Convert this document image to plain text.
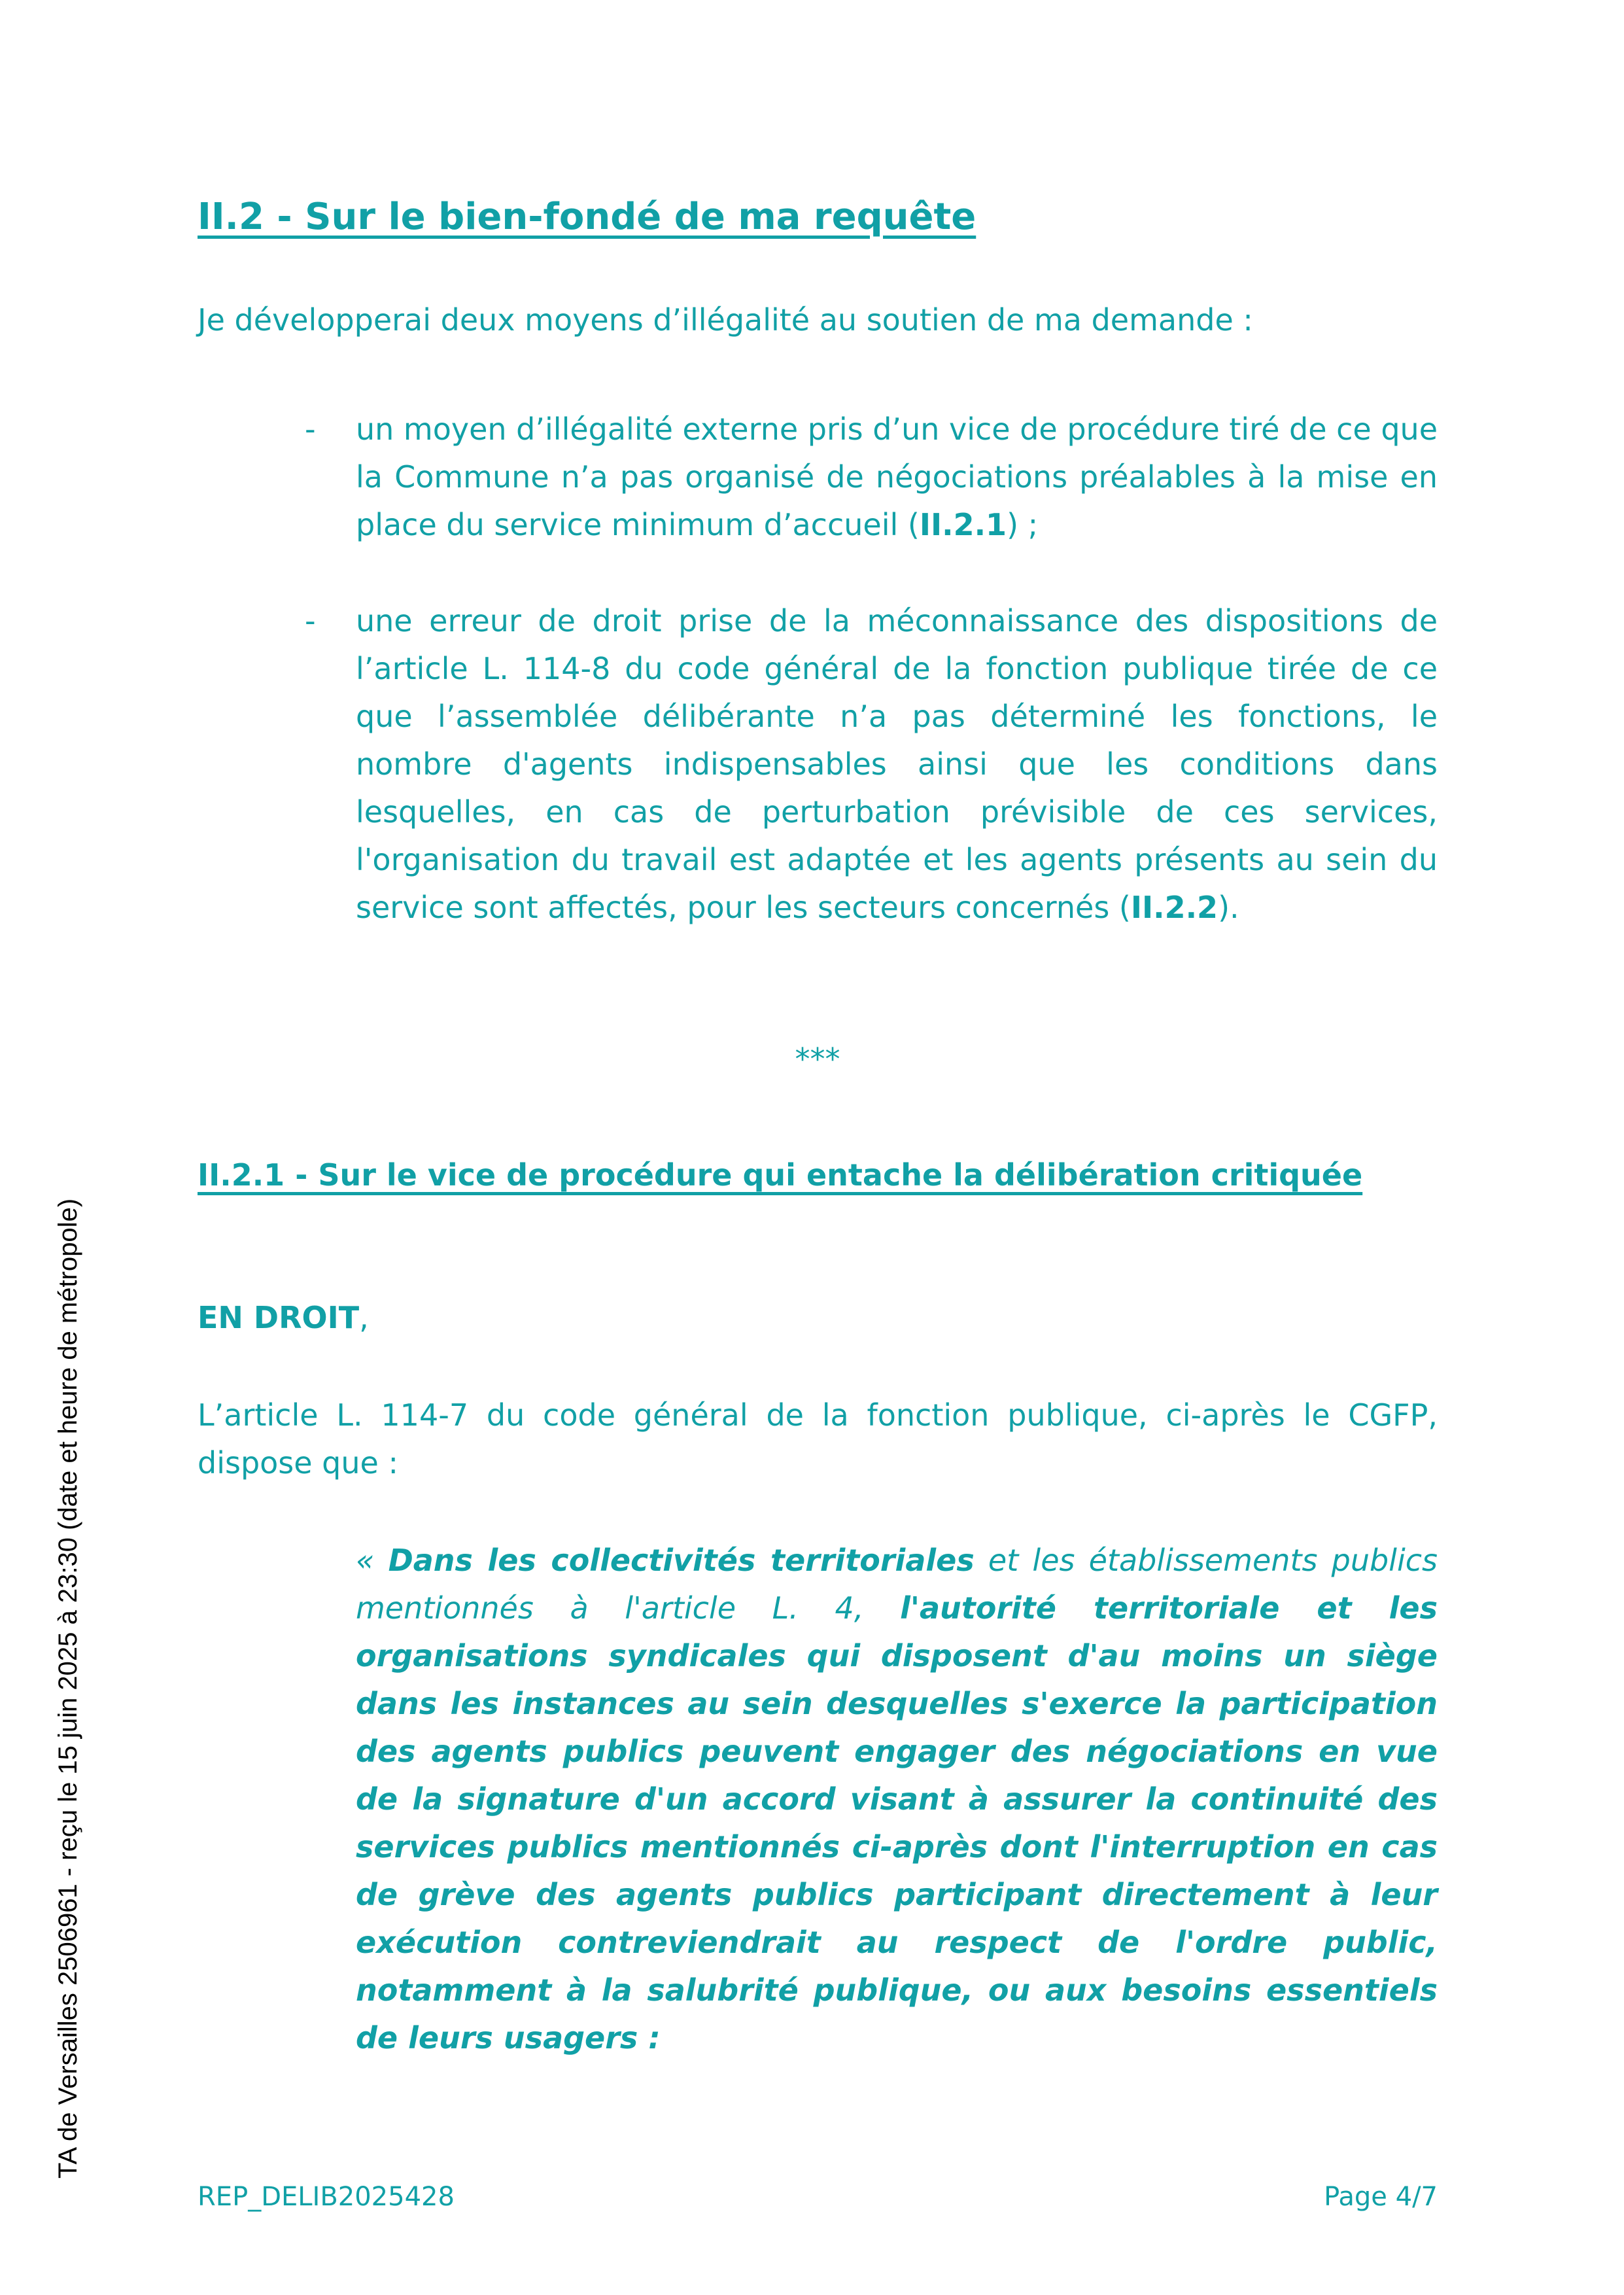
II.2 - Sur le bien-fondé de ma requête
Je développerai deux moyens d’illégalité au soutien de ma demande :
- un moyen d’illégalité externe pris d’un vice de procédure tiré de ce que la Commune n’a pas organisé de négociations préalables à la mise en place du service minimum d’accueil (II.2.1) ;
- une erreur de droit prise de la méconnaissance des dispositions de l’article L. 114-8 du code général de la fonction publique tirée de ce que l’assemblée délibérante n’a pas déterminé les fonctions, le nombre d'agents indispensables ainsi que les conditions dans lesquelles, en cas de perturbation prévisible de ces services, l'organisation du travail est adaptée et les agents présents au sein du service sont affectés, pour les secteurs concernés (II.2.2).
***
II.2.1 - Sur le vice de procédure qui entache la délibération critiquée
EN DROIT,
L’article L. 114-7 du code général de la fonction publique, ci-après le CGFP, dispose que :
« Dans les collectivités territoriales et les établissements publics mentionnés à l'article L. 4, l'autorité territoriale et les organisations syndicales qui disposent d'au moins un siège dans les instances au sein desquelles s'exerce la participation des agents publics peuvent engager des négociations en vue de la signature d'un accord visant à assurer la continuité des services publics mentionnés ci-après dont l'interruption en cas de grève des agents publics participant directement à leur exécution contreviendrait au respect de l'ordre public, notamment à la salubrité publique, ou aux besoins essentiels de leurs usagers :
TA de Versailles 2506961 - reçu le 15 juin 2025 à 23:30 (date et heure de métropole)
REP_DELIB2025428	Page 4/7
